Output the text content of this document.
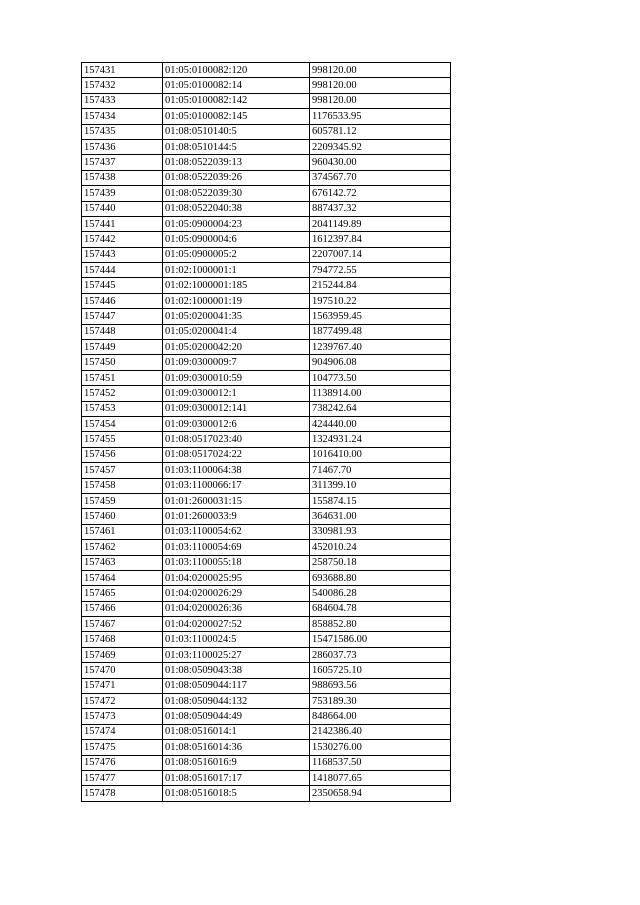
157431	01:05:0100082:120	998120.00
157432	01:05:0100082:14	998120.00
157433	01:05:0100082:142	998120.00
157434	01:05:0100082:145	1176533.95
157435	01:08:0510140:5	605781.12
157436	01:08:0510144:5	2209345.92
157437	01:08:0522039:13	960430.00
157438	01:08:0522039:26	374567.70
157439	01:08:0522039:30	676142.72
157440	01:08:0522040:38	887437.32
157441	01:05:0900004:23	2041149.89
157442	01:05:0900004:6	1612397.84
157443	01:05:0900005:2	2207007.14
157444	01:02:1000001:1	794772.55
157445	01:02:1000001:185	215244.84
157446	01:02:1000001:19	197510.22
157447	01:05:0200041:35	1563959.45
157448	01:05:0200041:4	1877499.48
157449	01:05:0200042:20	1239767.40
157450	01:09:0300009:7	904906.08
157451	01:09:0300010:59	104773.50
157452	01:09:0300012:1	1138914.00
157453	01:09:0300012:141	738242.64
157454	01:09:0300012:6	424440.00
157455	01:08:0517023:40	1324931.24
157456	01:08:0517024:22	1016410.00
157457	01:03:1100064:38	71467.70
157458	01:03:1100066:17	311399.10
157459	01:01:2600031:15	155874.15
157460	01:01:2600033:9	364631.00
157461	01:03:1100054:62	330981.93
157462	01:03:1100054:69	452010.24
157463	01:03:1100055:18	258750.18
157464	01:04:0200025:95	693688.80
157465	01:04:0200026:29	540086.28
157466	01:04:0200026:36	684604.78
157467	01:04:0200027:52	858852.80
157468	01:03:1100024:5	15471586.00
157469	01:03:1100025:27	286037.73
157470	01:08:0509043:38	1605725.10
157471	01:08:0509044:117	988693.56
157472	01:08:0509044:132	753189.30
157473	01:08:0509044:49	848664.00
157474	01:08:0516014:1	2142386.40
157475	01:08:0516014:36	1530276.00
157476	01:08:0516016:9	1168537.50
157477	01:08:0516017:17	1418077.65
157478	01:08:0516018:5	2350658.94
